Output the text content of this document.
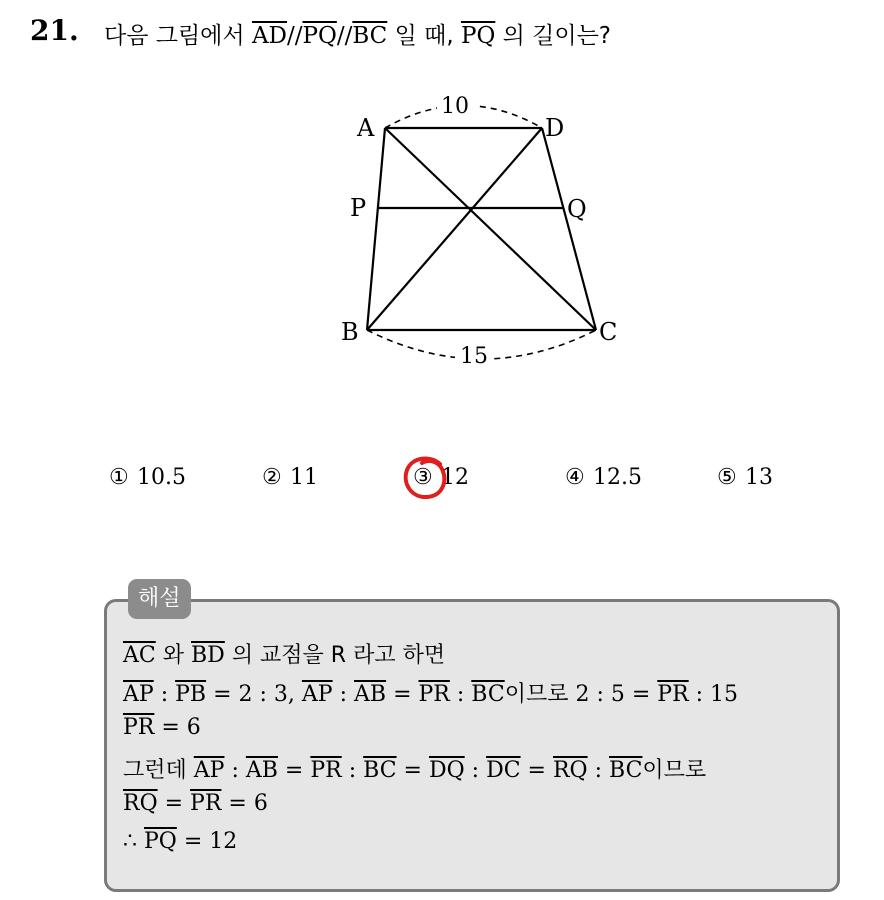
21. 다음 그림에서 $\overline{AD}//\overline{PQ}//\overline{BC}$ 일 때, $\overline{PQ}$ 의 길이는?
10
15
A	D
P	Q
B	C
① 10.5	② 11	③ 12	④ 12.5	⑤ 13
해설
$\overline{AC}$ 와 $\overline{BD}$ 의 교점을 R 라고 하면
$\overline{AP}$ : $\overline{PB} = 2$ : 3, $\overline{AP}$ : $\overline{AB} = \overline{PR}$ : $\overline{BC}$이므로 2 : $5 = \overline{PR}$ : 15
$\overline{PR} = 6$
그런데 $\overline{AP}$ : $\overline{AB} = \overline{PR}$ : $\overline{BC} = \overline{DQ}$ : $\overline{DC} = \overline{RQ}$ : $\overline{BC}$이므로
$\overline{RQ} = \overline{PR} = 6$
∴ $\overline{PQ} = 12$
